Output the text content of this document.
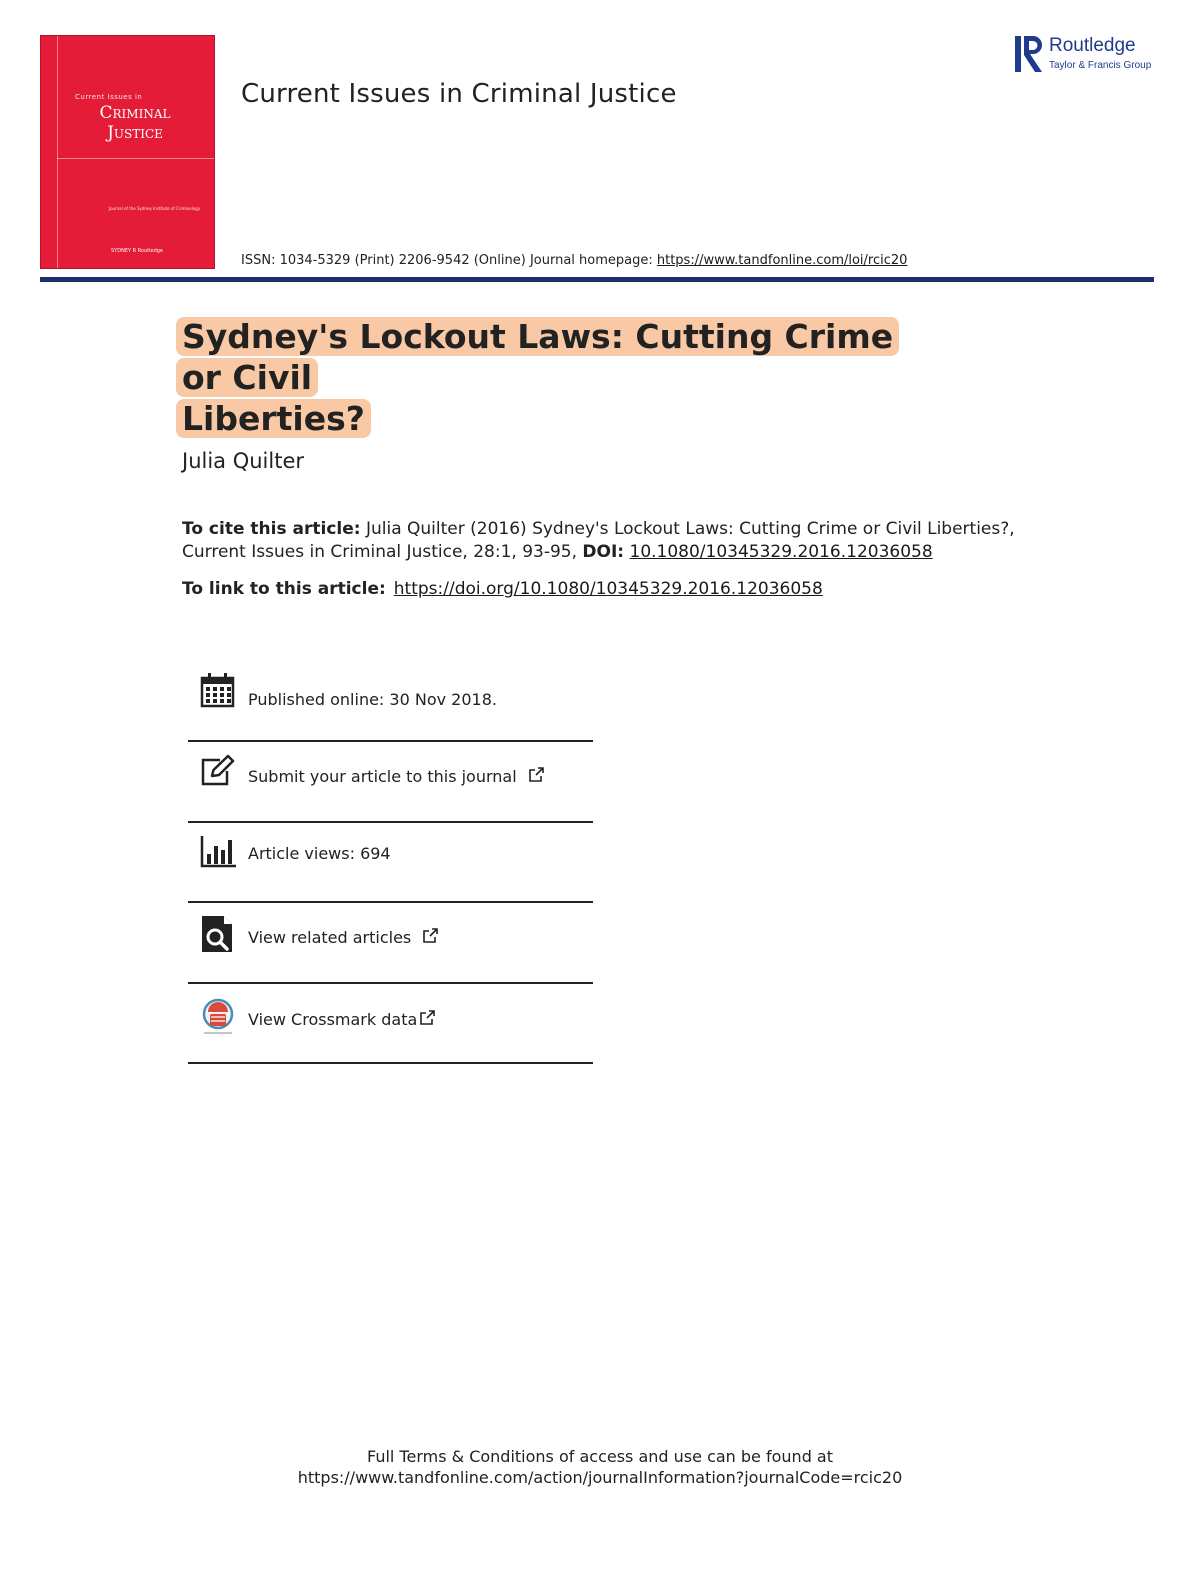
Current Issues in
Criminal
Justice
Journal of the Sydney Institute of Criminology
SYDNEY R Routledge
Current Issues in Criminal Justice
Routledge
Taylor & Francis Group
ISSN: 1034-5329 (Print) 2206-9542 (Online) Journal homepage: https://www.tandfonline.com/loi/rcic20
Sydney's Lockout Laws: Cutting Crime or Civil
Liberties?
Julia Quilter
To cite this article: Julia Quilter (2016) Sydney's Lockout Laws: Cutting Crime or Civil Liberties?,
Current Issues in Criminal Justice, 28:1, 93-95, DOI: 10.1080/10345329.2016.12036058
To link to this article: https://doi.org/10.1080/10345329.2016.12036058
Published online: 30 Nov 2018.
Submit your article to this journal
Article views: 694
View related articles
View Crossmark data
Full Terms & Conditions of access and use can be found at
https://www.tandfonline.com/action/journalInformation?journalCode=rcic20
